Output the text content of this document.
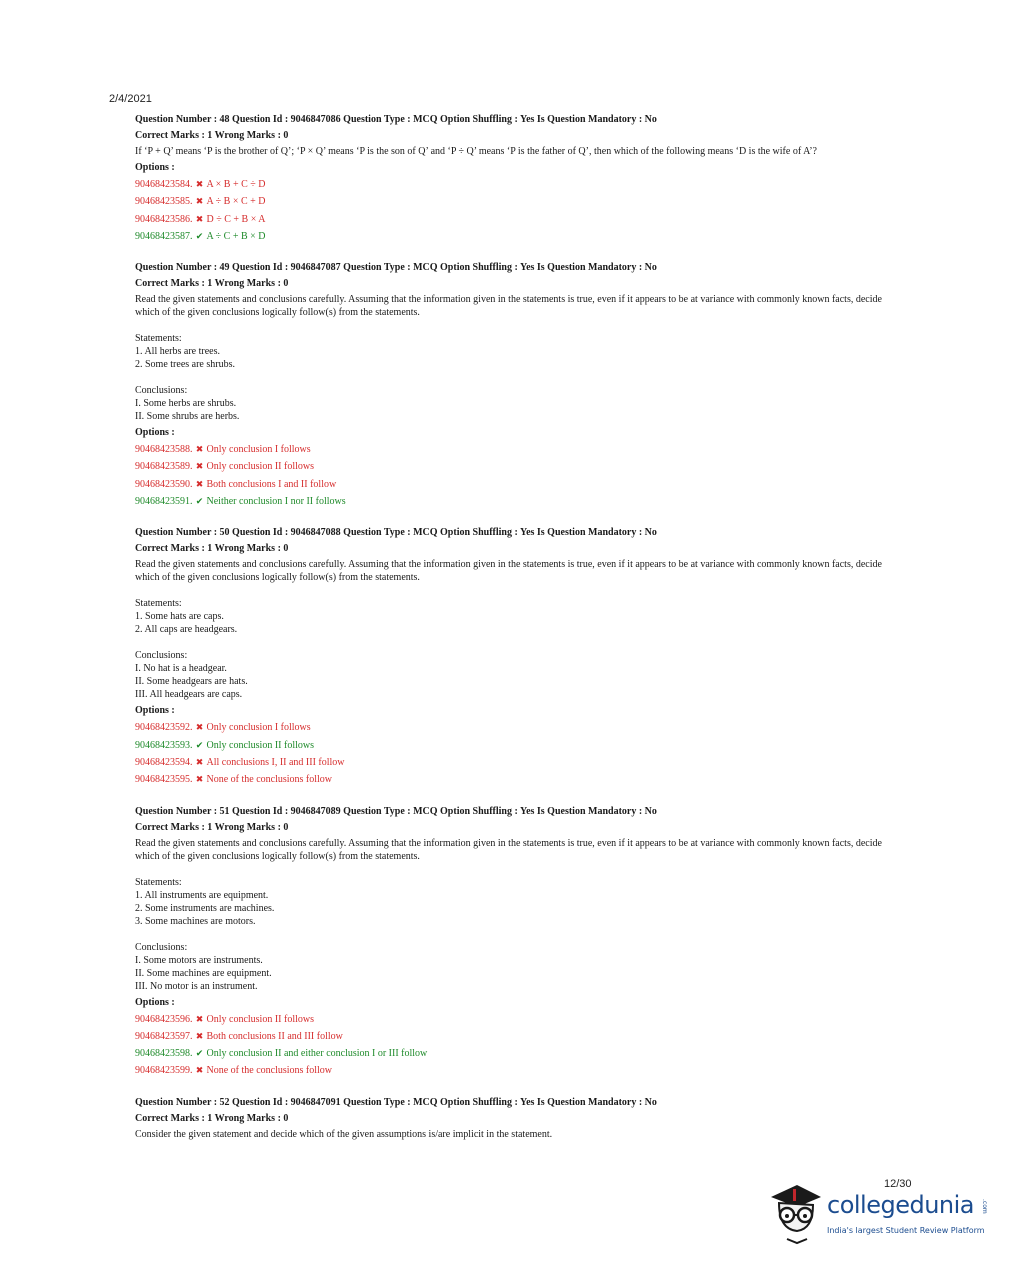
2/4/2021
Question Number : 48 Question Id : 9046847086 Question Type : MCQ Option Shuffling : Yes Is Question Mandatory : No
Correct Marks : 1 Wrong Marks : 0
If ‘P + Q’ means ‘P is the brother of Q’; ‘P × Q’ means ‘P is the son of Q’ and ‘P ÷ Q’ means ‘P is the father of Q’, then which of the following means ‘D is the wife of A’?
Options :
90468423584. ✖ A × B + C ÷ D
90468423585. ✖ A ÷ B × C + D
90468423586. ✖ D ÷ C + B × A
90468423587. ✔ A ÷ C + B × D
Question Number : 49 Question Id : 9046847087 Question Type : MCQ Option Shuffling : Yes Is Question Mandatory : No
Correct Marks : 1 Wrong Marks : 0
Read the given statements and conclusions carefully. Assuming that the information given in the statements is true, even if it appears to be at variance with commonly known facts, decide which of the given conclusions logically follow(s) from the statements.
Statements:
1. All herbs are trees.
2. Some trees are shrubs.
Conclusions:
I. Some herbs are shrubs.
II. Some shrubs are herbs.
Options :
90468423588. ✖ Only conclusion I follows
90468423589. ✖ Only conclusion II follows
90468423590. ✖ Both conclusions I and II follow
90468423591. ✔ Neither conclusion I nor II follows
Question Number : 50 Question Id : 9046847088 Question Type : MCQ Option Shuffling : Yes Is Question Mandatory : No
Correct Marks : 1 Wrong Marks : 0
Read the given statements and conclusions carefully. Assuming that the information given in the statements is true, even if it appears to be at variance with commonly known facts, decide which of the given conclusions logically follow(s) from the statements.
Statements:
1. Some hats are caps.
2. All caps are headgears.
Conclusions:
I. No hat is a headgear.
II. Some headgears are hats.
III. All headgears are caps.
Options :
90468423592. ✖ Only conclusion I follows
90468423593. ✔ Only conclusion II follows
90468423594. ✖ All conclusions I, II and III follow
90468423595. ✖ None of the conclusions follow
Question Number : 51 Question Id : 9046847089 Question Type : MCQ Option Shuffling : Yes Is Question Mandatory : No
Correct Marks : 1 Wrong Marks : 0
Read the given statements and conclusions carefully. Assuming that the information given in the statements is true, even if it appears to be at variance with commonly known facts, decide which of the given conclusions logically follow(s) from the statements.
Statements:
1. All instruments are equipment.
2. Some instruments are machines.
3. Some machines are motors.
Conclusions:
I. Some motors are instruments.
II. Some machines are equipment.
III. No motor is an instrument.
Options :
90468423596. ✖ Only conclusion II follows
90468423597. ✖ Both conclusions II and III follow
90468423598. ✔ Only conclusion II and either conclusion I or III follow
90468423599. ✖ None of the conclusions follow
Question Number : 52 Question Id : 9046847091 Question Type : MCQ Option Shuffling : Yes Is Question Mandatory : No
Correct Marks : 1 Wrong Marks : 0
Consider the given statement and decide which of the given assumptions is/are implicit in the statement.
12/30
collegedunia .com
India's largest Student Review Platform
